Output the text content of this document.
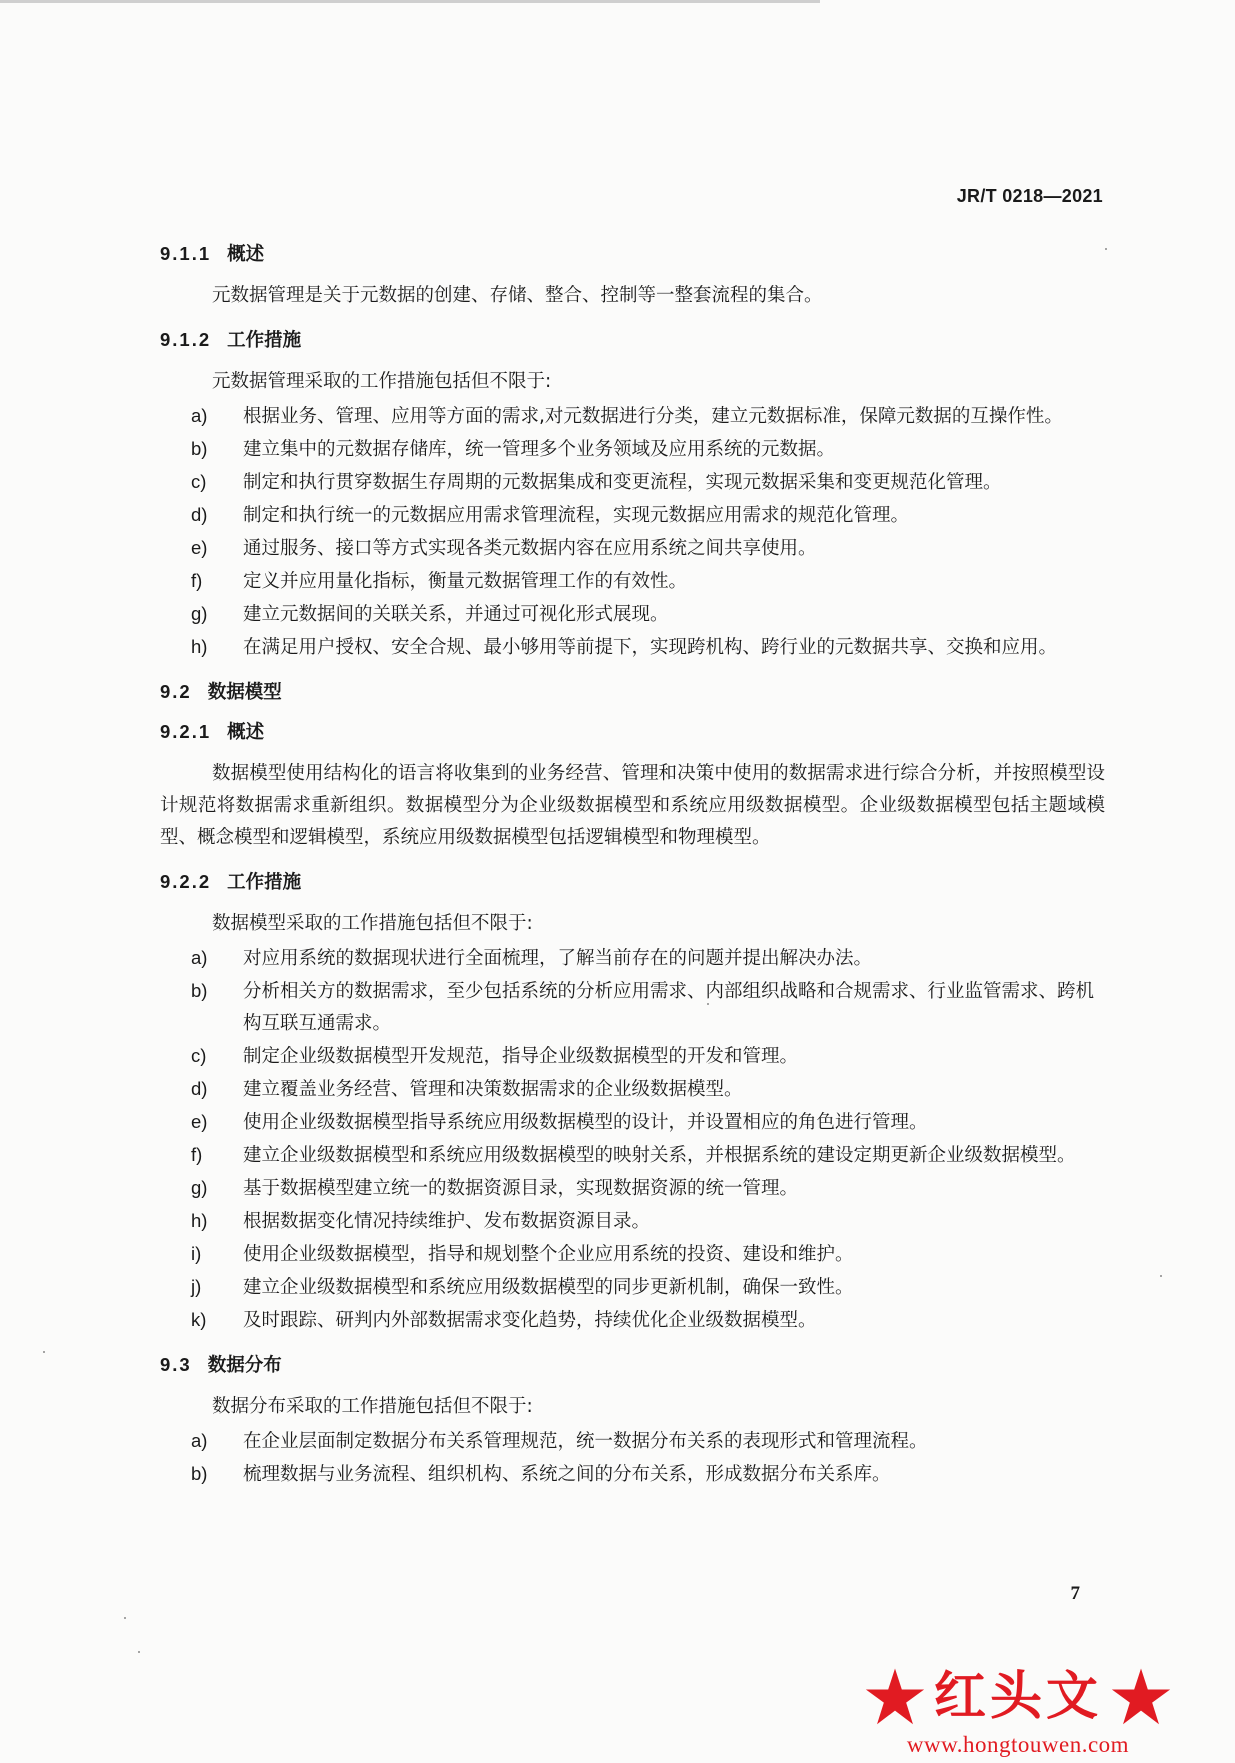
JR/T 0218—2021
9.1.1 概述

元数据管理是关于元数据的创建、存储、整合、控制等一整套流程的集合。

9.1.2 工作措施

元数据管理采取的工作措施包括但不限于:

a) 根据业务、管理、应用等方面的需求,对元数据进行分类，建立元数据标准，保障元数据的互操作性。

b) 建立集中的元数据存储库，统一管理多个业务领域及应用系统的元数据。

c) 制定和执行贯穿数据生存周期的元数据集成和变更流程，实现元数据采集和变更规范化管理。

d) 制定和执行统一的元数据应用需求管理流程，实现元数据应用需求的规范化管理。

e) 通过服务、接口等方式实现各类元数据内容在应用系统之间共享使用。

f) 定义并应用量化指标，衡量元数据管理工作的有效性。

g) 建立元数据间的关联关系，并通过可视化形式展现。

h) 在满足用户授权、安全合规、最小够用等前提下，实现跨机构、跨行业的元数据共享、交换和应用。

9.2 数据模型
9.2.1 概述

数据模型使用结构化的语言将收集到的业务经营、管理和决策中使用的数据需求进行综合分析，并按照模型设计规范将数据需求重新组织。数据模型分为企业级数据模型和系统应用级数据模型。企业级数据模型包括主题域模型、概念模型和逻辑模型，系统应用级数据模型包括逻辑模型和物理模型。

9.2.2 工作措施

数据模型采取的工作措施包括但不限于:

a) 对应用系统的数据现状进行全面梳理，了解当前存在的问题并提出解决办法。

b) 分析相关方的数据需求，至少包括系统的分析应用需求、内部组织战略和合规需求、行业监管需求、跨机构互联互通需求。

c) 制定企业级数据模型开发规范，指导企业级数据模型的开发和管理。

d) 建立覆盖业务经营、管理和决策数据需求的企业级数据模型。

e) 使用企业级数据模型指导系统应用级数据模型的设计，并设置相应的角色进行管理。

f) 建立企业级数据模型和系统应用级数据模型的映射关系，并根据系统的建设定期更新企业级数据模型。

g) 基于数据模型建立统一的数据资源目录，实现数据资源的统一管理。

h) 根据数据变化情况持续维护、发布数据资源目录。

i) 使用企业级数据模型，指导和规划整个企业应用系统的投资、建设和维护。

j) 建立企业级数据模型和系统应用级数据模型的同步更新机制，确保一致性。

k) 及时跟踪、研判内外部数据需求变化趋势，持续优化企业级数据模型。

9.3 数据分布

数据分布采取的工作措施包括但不限于:

a) 在企业层面制定数据分布关系管理规范，统一数据分布关系的表现形式和管理流程。

b) 梳理数据与业务流程、组织机构、系统之间的分布关系，形成数据分布关系库。

7
红头文
www.hongtouwen.com
